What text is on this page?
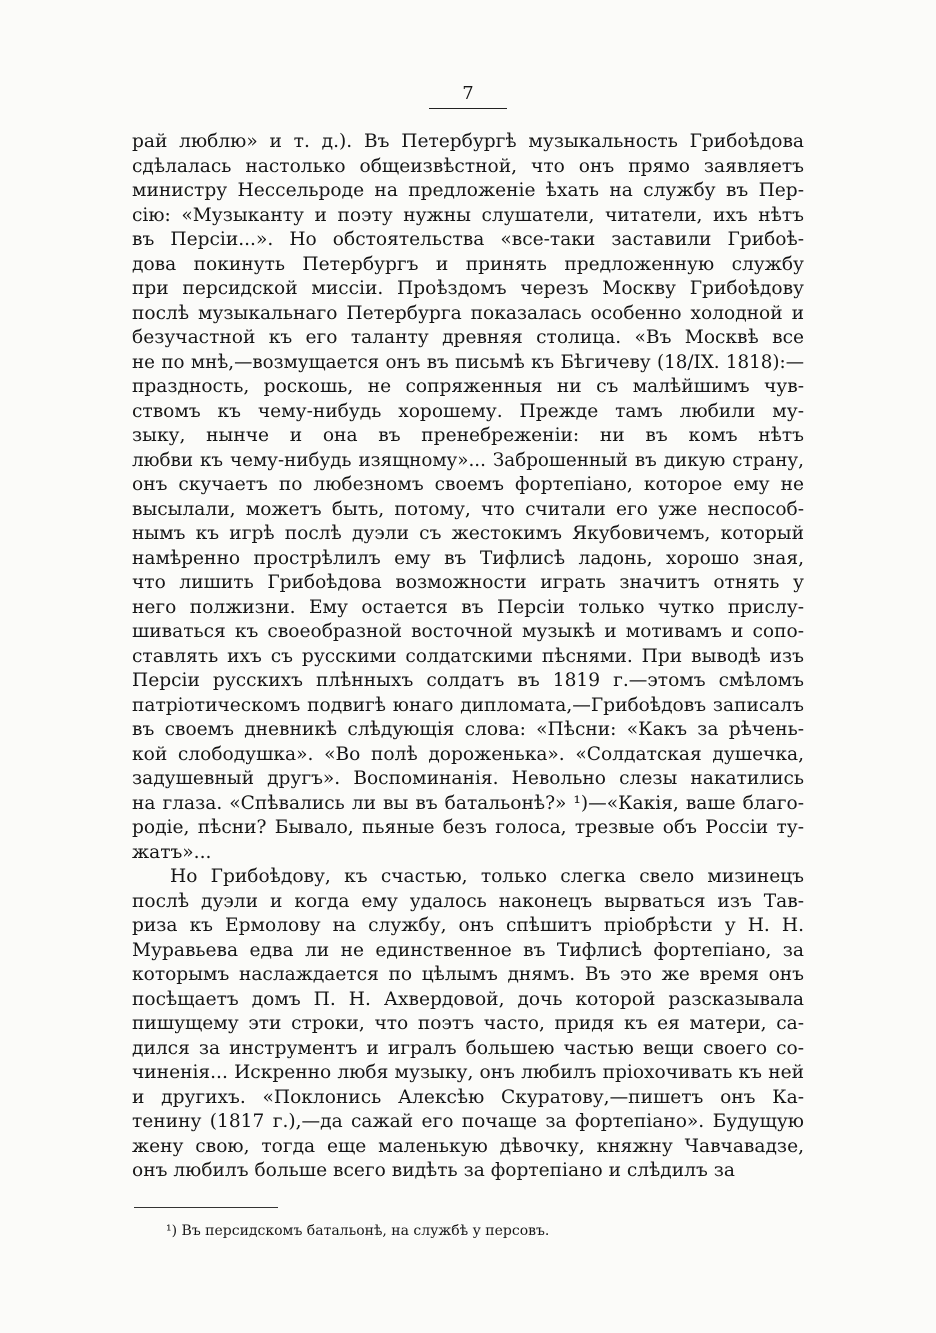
7
рай люблю» и т. д.). Въ Петербургѣ музыкальность Грибоѣдова
сдѣлалась настолько общеизвѣстной, что онъ прямо заявляетъ
министру Нессельроде на предложеніе ѣхать на службу въ Пер-
сію: «Музыканту и поэту нужны слушатели, читатели, ихъ нѣтъ
въ Персіи...». Но обстоятельства «все-таки заставили Грибоѣ-
дова покинуть Петербургъ и принять предложенную службу
при персидской миссіи. Проѣздомъ черезъ Москву Грибоѣдову
послѣ музыкальнаго Петербурга показалась особенно холодной и
безучастной къ его таланту древняя столица. «Въ Москвѣ все
не по мнѣ,—возмущается онъ въ письмѣ къ Бѣгичеву (18/IX. 1818):—
праздность, роскошь, не сопряженныя ни съ малѣйшимъ чув-
ствомъ къ чему-нибудь хорошему. Прежде тамъ любили му-
зыку, нынче и она въ пренебреженіи: ни въ комъ нѣтъ
любви къ чему-нибудь изящному»... Заброшенный въ дикую страну,
онъ скучаетъ по любезномъ своемъ фортепіано, которое ему не
высылали, можетъ быть, потому, что считали его уже неспособ-
нымъ къ игрѣ послѣ дуэли съ жестокимъ Якубовичемъ, который
намѣренно прострѣлилъ ему въ Тифлисѣ ладонь, хорошо зная,
что лишить Грибоѣдова возможности играть значитъ отнять у
него полжизни. Ему остается въ Персіи только чутко прислу-
шиваться къ своеобразной восточной музыкѣ и мотивамъ и сопо-
ставлять ихъ съ русскими солдатскими пѣснями. При выводѣ изъ
Персіи русскихъ плѣнныхъ солдатъ въ 1819 г.—этомъ смѣломъ
патріотическомъ подвигѣ юнаго дипломата,—Грибоѣдовъ записалъ
въ своемъ дневникѣ слѣдующія слова: «Пѣсни: «Какъ за рѣчень-
кой слободушка». «Во полѣ дороженька». «Солдатская душечка,
задушевный другъ». Воспоминанія. Невольно слезы накатились
на глаза. «Спѣвались ли вы въ батальонѣ?» ¹)—«Какія, ваше благо-
родіе, пѣсни? Бывало, пьяные безъ голоса, трезвые объ Россіи ту-
жатъ»...
Но Грибоѣдову, къ счастью, только слегка свело мизинецъ
послѣ дуэли и когда ему удалось наконецъ вырваться изъ Тав-
риза къ Ермолову на службу, онъ спѣшитъ пріобрѣсти у Н. Н.
Муравьева едва ли не единственное въ Тифлисѣ фортепіано, за
которымъ наслаждается по цѣлымъ днямъ. Въ это же время онъ
посѣщаетъ домъ П. Н. Ахвердовой, дочь которой разсказывала
пишущему эти строки, что поэтъ часто, придя къ ея матери, са-
дился за инструментъ и игралъ большею частью вещи своего со-
чиненія... Искренно любя музыку, онъ любилъ пріохочивать къ ней
и другихъ. «Поклонись Алексѣю Скуратову,—пишетъ онъ Ка-
тенину (1817 г.),—да сажай его почаще за фортепіано». Будущую
жену свою, тогда еще маленькую дѣвочку, княжну Чавчавадзе,
онъ любилъ больше всего видѣть за фортепіано и слѣдилъ за
¹) Въ персидскомъ батальонѣ, на службѣ у персовъ.
